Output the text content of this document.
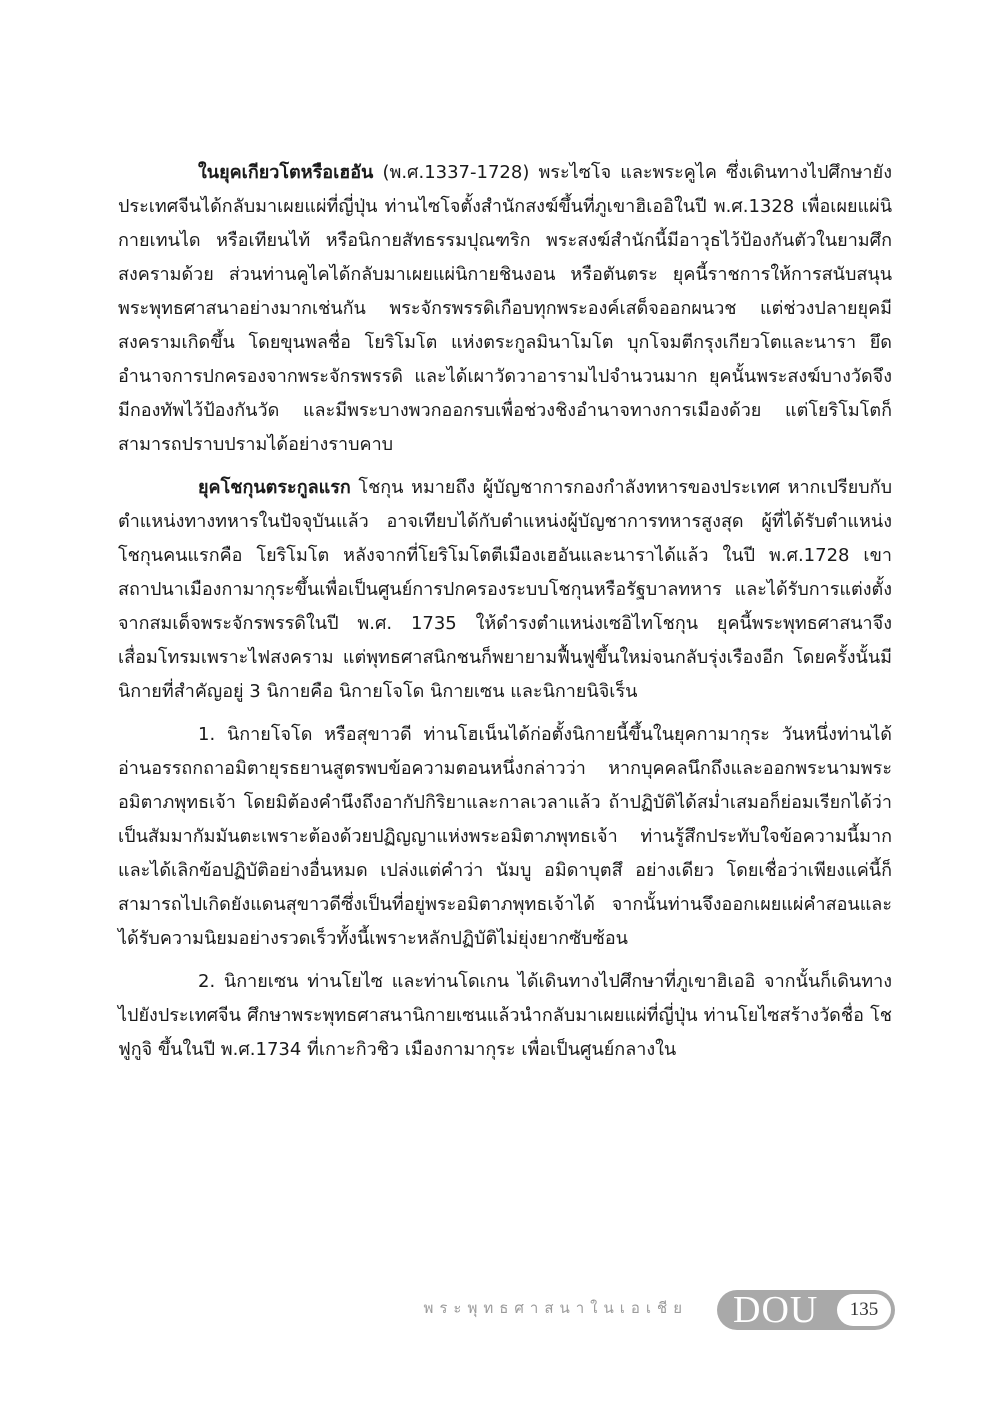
ในยุคเกียวโตหรือเฮอัน (พ.ศ.1337-1728) พระไซโจ และพระคูไค ซึ่งเดินทางไปศึกษายังประเทศจีนได้กลับมาเผยแผ่ที่ญี่ปุ่น ท่านไซโจตั้งสำนักสงฆ์ขึ้นที่ภูเขาฮิเออิในปี พ.ศ.1328 เพื่อเผยแผ่นิกายเทนได หรือเทียนไท้ หรือนิกายสัทธรรมปุณฑริก พระสงฆ์สำนักนี้มีอาวุธไว้ป้องกันตัวในยามศึกสงครามด้วย ส่วนท่านคูไคได้กลับมาเผยแผ่นิกายชินงอน หรือตันตระ ยุคนี้ราชการให้การสนับสนุนพระพุทธศาสนาอย่างมากเช่นกัน พระจักรพรรดิเกือบทุกพระองค์เสด็จออกผนวช แต่ช่วงปลายยุคมีสงครามเกิดขึ้น โดยขุนพลชื่อ โยริโมโต แห่งตระกูลมินาโมโต บุกโจมตีกรุงเกียวโตและนารา ยึดอำนาจการปกครองจากพระจักรพรรดิ และได้เผาวัดวาอารามไปจำนวนมาก ยุคนั้นพระสงฆ์บางวัดจึงมีกองทัพไว้ป้องกันวัด และมีพระบางพวกออกรบเพื่อช่วงชิงอำนาจทางการเมืองด้วย แต่โยริโมโตก็สามารถปราบปรามได้อย่างราบคาบ

ยุคโชกุนตระกูลแรก โชกุน หมายถึง ผู้บัญชาการกองกำลังทหารของประเทศ หากเปรียบกับตำแหน่งทางทหารในปัจจุบันแล้ว อาจเทียบได้กับตำแหน่งผู้บัญชาการทหารสูงสุด ผู้ที่ได้รับตำแหน่งโชกุนคนแรกคือ โยริโมโต หลังจากที่โยริโมโตตีเมืองเฮอันและนาราได้แล้ว ในปี พ.ศ.1728 เขาสถาปนาเมืองกามากุระขึ้นเพื่อเป็นศูนย์การปกครองระบบโชกุนหรือรัฐบาลทหาร และได้รับการแต่งตั้งจากสมเด็จพระจักรพรรดิในปี พ.ศ. 1735 ให้ดำรงตำแหน่งเซอิไทโชกุน ยุคนี้พระพุทธศาสนาจึงเสื่อมโทรมเพราะไฟสงคราม แต่พุทธศาสนิกชนก็พยายามฟื้นฟูขึ้นใหม่จนกลับรุ่งเรืองอีก โดยครั้งนั้นมีนิกายที่สำคัญอยู่ 3 นิกายคือ นิกายโจโด นิกายเซน และนิกายนิจิเร็น

1. นิกายโจโด หรือสุขาวดี ท่านโฮเน็นได้ก่อตั้งนิกายนี้ขึ้นในยุคกามากุระ วันหนึ่งท่านได้อ่านอรรถกถาอมิตายุรธยานสูตรพบข้อความตอนหนึ่งกล่าวว่า หากบุคคลนึกถึงและออกพระนามพระอมิตาภพุทธเจ้า โดยมิต้องคำนึงถึงอากัปกิริยาและกาลเวลาแล้ว ถ้าปฏิบัติได้สม่ำเสมอก็ย่อมเรียกได้ว่าเป็นสัมมากัมมันตะเพราะต้องด้วยปฏิญญาแห่งพระอมิตาภพุทธเจ้า ท่านรู้สึกประทับใจข้อความนี้มากและได้เลิกข้อปฏิบัติอย่างอื่นหมด เปล่งแต่คำว่า นัมบู อมิดาบุตสึ อย่างเดียว โดยเชื่อว่าเพียงแค่นี้ก็สามารถไปเกิดยังแดนสุขาวดีซึ่งเป็นที่อยู่พระอมิตาภพุทธเจ้าได้ จากนั้นท่านจึงออกเผยแผ่คำสอนและได้รับความนิยมอย่างรวดเร็วทั้งนี้เพราะหลักปฏิบัติไม่ยุ่งยากซับซ้อน

2. นิกายเซน ท่านโยไซ และท่านโดเกน ได้เดินทางไปศึกษาที่ภูเขาฮิเออิ จากนั้นก็เดินทางไปยังประเทศจีน ศึกษาพระพุทธศาสนานิกายเซนแล้วนำกลับมาเผยแผ่ที่ญี่ปุ่น ท่านโยไซสร้างวัดชื่อ โชฟูกูจิ ขึ้นในปี พ.ศ.1734 ที่เกาะกิวชิว เมืองกามากุระ เพื่อเป็นศูนย์กลางใน

พระพุทธศาสนาในเอเชีย DOU	135
